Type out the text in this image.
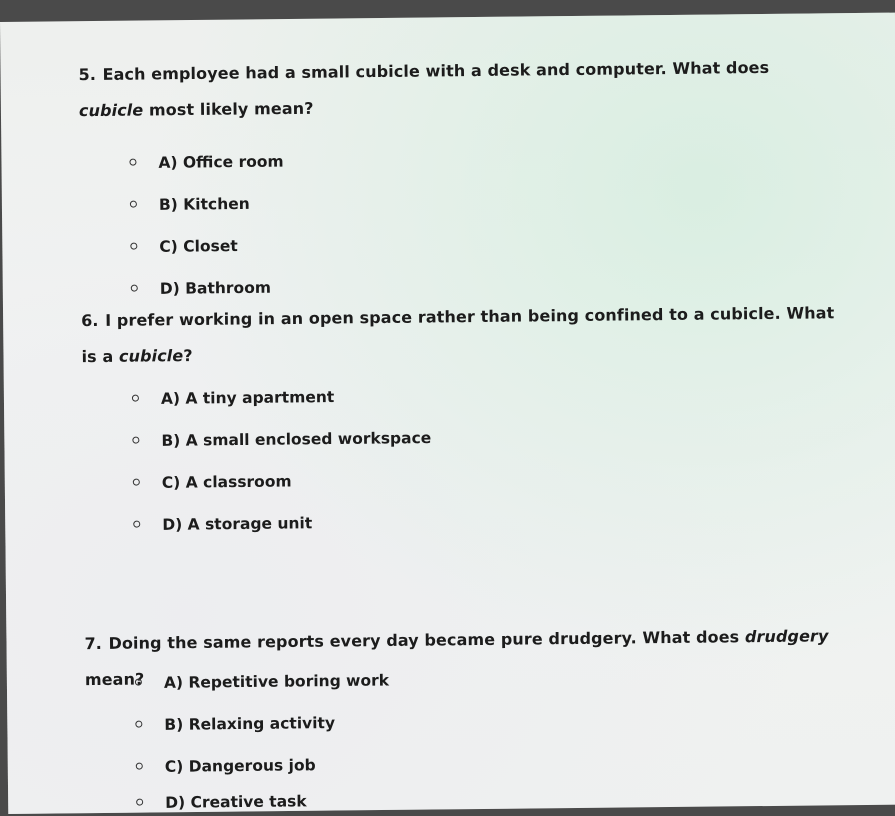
5. Each employee had a small cubicle with a desk and computer. What does cubicle most likely mean?
A) Office room
B) Kitchen
C) Closet
D) Bathroom
6. I prefer working in an open space rather than being confined to a cubicle. What is a cubicle?
A) A tiny apartment
B) A small enclosed workspace
C) A classroom
D) A storage unit
7. Doing the same reports every day became pure drudgery. What does drudgery mean?	A) Repetitive boring work
B) Relaxing activity
C) Dangerous job
D) Creative task
